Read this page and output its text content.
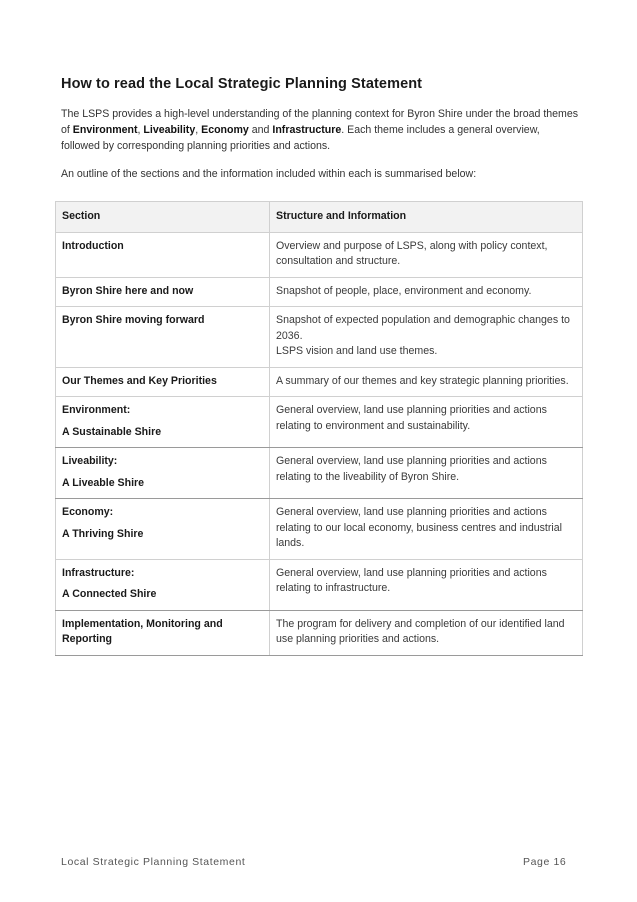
How to read the Local Strategic Planning Statement

The LSPS provides a high-level understanding of the planning context for Byron Shire under the broad themes of Environment, Liveability, Economy and Infrastructure. Each theme includes a general overview, followed by corresponding planning priorities and actions.

An outline of the sections and the information included within each is summarised below:

Section	Structure and Information
Introduction	Overview and purpose of LSPS, along with policy context, consultation and structure.
Byron Shire here and now	Snapshot of people, place, environment and economy.
Byron Shire moving forward	Snapshot of expected population and demographic changes to 2036.
LSPS vision and land use themes.
Our Themes and Key Priorities	A summary of our themes and key strategic planning priorities.
Environment:
A Sustainable Shire	General overview, land use planning priorities and actions relating to environment and sustainability.
Liveability:
A Liveable Shire	General overview, land use planning priorities and actions relating to the liveability of Byron Shire.
Economy:
A Thriving Shire	General overview, land use planning priorities and actions relating to our local economy, business centres and industrial lands.
Infrastructure:
A Connected Shire	General overview, land use planning priorities and actions relating to infrastructure.
Implementation, Monitoring and Reporting	The program for delivery and completion of our identified land use planning priorities and actions.
Local Strategic Planning Statement	Page 16
